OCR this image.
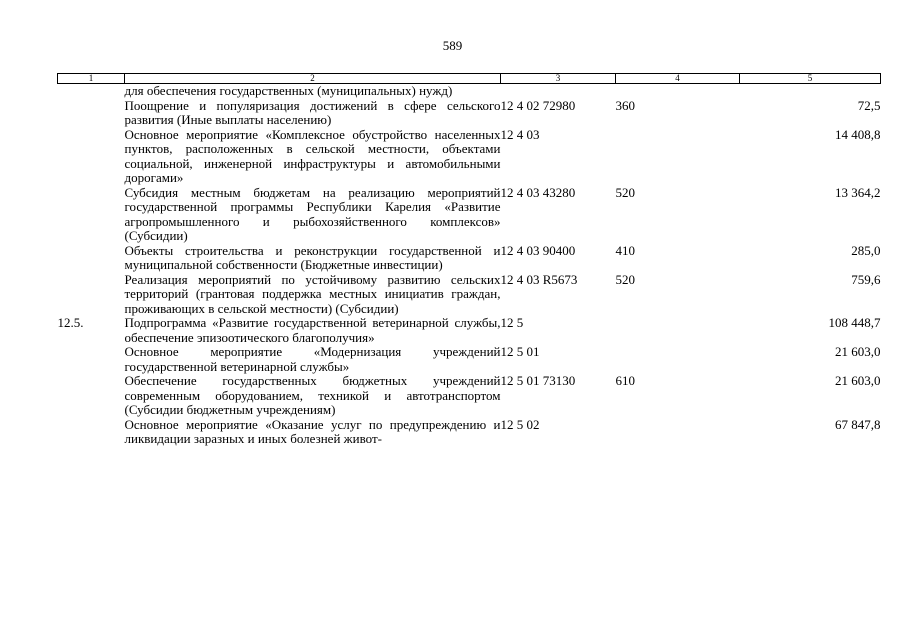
589
1	2	3	4	5
	для обеспечения государственных (муниципальных) нужд)			
	Поощрение и популяризация достижений в сфере сельского развития (Иные выплаты населению)	12 4 02 72980	360	72,5
	Основное мероприятие «Комплексное обустройство населенных пунктов, расположенных в сельской местности, объектами социальной, инженерной инфраструктуры и автомобильными дорогами»	12 4 03		14 408,8
	Субсидия местным бюджетам на реализацию мероприятий государственной программы Республики Карелия «Развитие агропромышленного и рыбохозяйственного комплексов» (Субсидии)	12 4 03 43280	520	13 364,2
	Объекты строительства и реконструкции государственной и муниципальной собственности (Бюджетные инвестиции)	12 4 03 90400	410	285,0
	Реализация мероприятий по устойчивому развитию сельских территорий (грантовая поддержка местных инициатив граждан, проживающих в сельской местности) (Субсидии)	12 4 03 R5673	520	759,6
12.5.	Подпрограмма «Развитие государственной ветеринарной службы, обеспечение эпизоотического благополучия»	12 5		108 448,7
	Основное мероприятие «Модернизация учреждений государственной ветеринарной службы»	12 5 01		21 603,0
	Обеспечение государственных бюджетных учреждений современным оборудованием, техникой и автотранспортом (Субсидии бюджетным учреждениям)	12 5 01 73130	610	21 603,0
	Основное мероприятие «Оказание услуг по предупреждению и ликвидации заразных и иных болезней живот-	12 5 02		67 847,8
